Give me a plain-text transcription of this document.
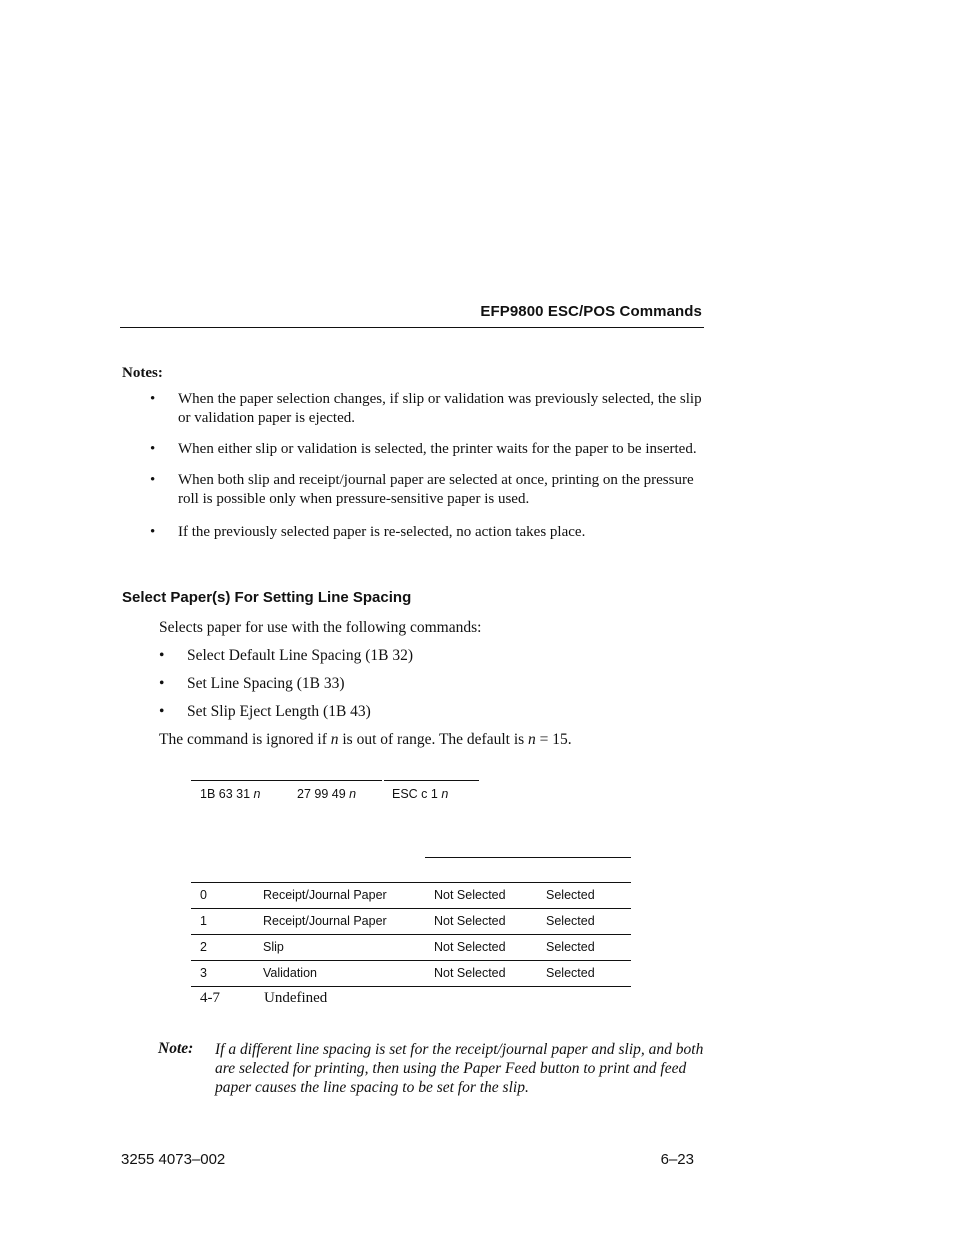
EFP9800 ESC/POS Commands
Notes:
• When the paper selection changes, if slip or validation was previously selected, the slip or validation paper is ejected.
• When either slip or validation is selected, the printer waits for the paper to be inserted.
• When both slip and receipt/journal paper are selected at once, printing on the pressure roll is possible only when pressure-sensitive paper is used.
• If the previously selected paper is re-selected, no action takes place.
Select Paper(s) For Setting Line Spacing
Selects paper for use with the following commands:
• Select Default Line Spacing (1B 32)
• Set Line Spacing (1B 33)
• Set Slip Eject Length (1B 43)
The command is ignored if n is out of range. The default is n = 15.
1B 63 31 n	27 99 49 n	ESC c 1 n
0	Receipt/Journal Paper	Not Selected	Selected
1	Receipt/Journal Paper	Not Selected	Selected
2	Slip	Not Selected	Selected
3	Validation	Not Selected	Selected
4-7	Undefined
Note: If a different line spacing is set for the receipt/journal paper and slip, and both are selected for printing, then using the Paper Feed button to print and feed paper causes the line spacing to be set for the slip.
3255 4073–002	6–23
